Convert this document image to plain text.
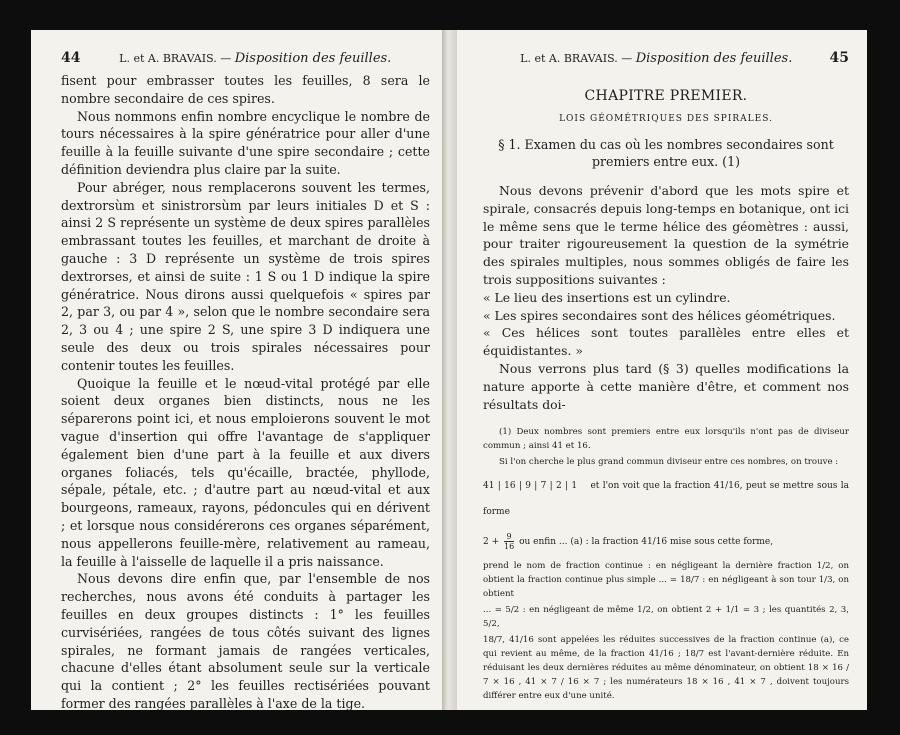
44	L. et A. BRAVAIS. — Disposition des feuilles.

fisent pour embrasser toutes les feuilles, 8 sera le nombre secondaire de ces spires.

Nous nommons enfin nombre encyclique le nombre de tours nécessaires à la spire génératrice pour aller d'une feuille à la feuille suivante d'une spire secondaire ; cette définition deviendra plus claire par la suite.

Pour abréger, nous remplacerons souvent les termes, dextrorsùm et sinistrorsùm par leurs initiales D et S : ainsi 2 S représente un système de deux spires parallèles embrassant toutes les feuilles, et marchant de droite à gauche : 3 D représente un système de trois spires dextrorses, et ainsi de suite : 1 S ou 1 D indique la spire génératrice. Nous dirons aussi quelquefois « spires par 2, par 3, ou par 4 », selon que le nombre secondaire sera 2, 3 ou 4 ; une spire 2 S, une spire 3 D indiquera une seule des deux ou trois spirales nécessaires pour contenir toutes les feuilles.

Quoique la feuille et le nœud-vital protégé par elle soient deux organes bien distincts, nous ne les séparerons point ici, et nous emploierons souvent le mot vague d'insertion qui offre l'avantage de s'appliquer également bien d'une part à la feuille et aux divers organes foliacés, tels qu'écaille, bractée, phyllode, sépale, pétale, etc. ; d'autre part au nœud-vital et aux bourgeons, rameaux, rayons, pédoncules qui en dérivent ; et lorsque nous considérerons ces organes séparément, nous appellerons feuille-mère, relativement au rameau, la feuille à l'aisselle de laquelle il a pris naissance.

Nous devons dire enfin que, par l'ensemble de nos recherches, nous avons été conduits à partager les feuilles en deux groupes distincts : 1° les feuilles curvisériées, rangées de tous côtés suivant des lignes spirales, ne formant jamais de rangées verticales, chacune d'elles étant absolument seule sur la verticale qui la contient ; 2° les feuilles rectisériées pouvant former des rangées parallèles à l'axe de la tige.

L. et A. BRAVAIS. — Disposition des feuilles.	45
CHAPITRE PREMIER.
LOIS GÉOMÉTRIQUES DES SPIRALES.
§ 1. Examen du cas où les nombres secondaires sont premiers entre eux. (1)

Nous devons prévenir d'abord que les mots spire et spirale, consacrés depuis long-temps en botanique, ont ici le même sens que le terme hélice des géomètres : aussi, pour traiter rigoureusement la question de la symétrie des spirales multiples, nous sommes obligés de faire les trois suppositions suivantes :

« Le lieu des insertions est un cylindre.

« Les spires secondaires sont des hélices géométriques.

« Ces hélices sont toutes parallèles entre elles et équidistantes. »

Nous verrons plus tard (§ 3) quelles modifications la nature apporte à cette manière d'être, et comment nos résultats doi-

(1) Deux nombres sont premiers entre eux lorsqu'ils n'ont pas de diviseur commun ; ainsi 41 et 16.

Si l'on cherche le plus grand commun diviseur entre ces nombres, on trouve :

41 | 16 | 9 | 7 | 2 | 1    et l'on voit que la fraction 41/16, peut se mettre sous la forme
$2 + \frac{9}{16}$ ou enfin ... (a) : la fraction 41/16 mise sous cette forme,

prend le nom de fraction continue : en négligeant la dernière fraction 1/2, on obtient la fraction continue plus simple ... = 18/7 : en négligeant à son tour 1/3, on obtient

... = 5/2 : en négligeant de même 1/2, on obtient 2 + 1/1 = 3 ; les quantités 2, 3, 5/2,

18/7, 41/16 sont appelées les réduites successives de la fraction continue (a), ce qui revient au même, de la fraction 41/16 ; 18/7 est l'avant-dernière réduite. En réduisant les deux dernières réduites au même dénominateur, on obtient 18 × 16 / 7 × 16 , 41 × 7 / 16 × 7 ; les numérateurs 18 × 16 , 41 × 7 , doivent toujours différer entre eux d'une unité.
